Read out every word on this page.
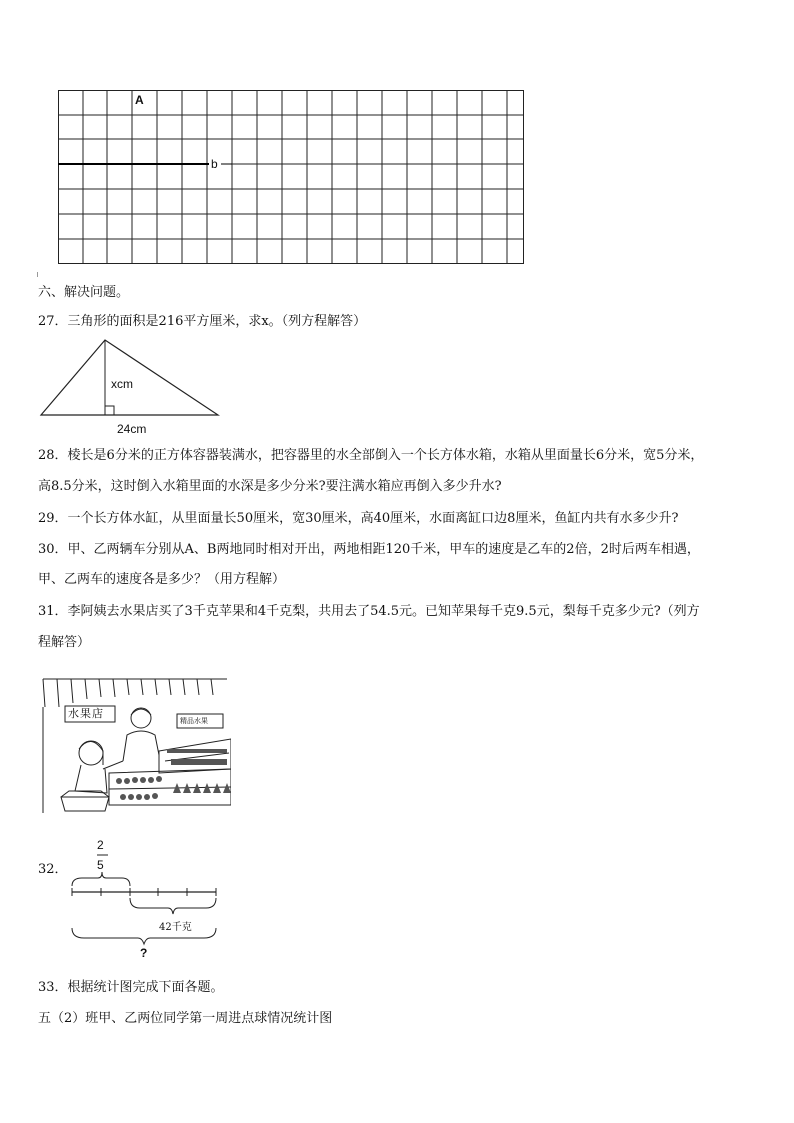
A
b
六、解决问题。
27．三角形的面积是216平方厘米，求x。（列方程解答）
xcm
24cm
28．棱长是6分米的正方体容器装满水，把容器里的水全部倒入一个长方体水箱，水箱从里面量长6分米，宽5分米，
高8.5分米，这时倒入水箱里面的水深是多少分米?要注满水箱应再倒入多少升水?
29．一个长方体水缸，从里面量长50厘米，宽30厘米，高40厘米，水面离缸口边8厘米，鱼缸内共有水多少升?
30．甲、乙两辆车分别从A、B两地同时相对开出，两地相距120千米，甲车的速度是乙车的2倍，2时后两车相遇，
甲、乙两车的速度各是多少？（用方程解）
31．李阿姨去水果店买了3千克苹果和4千克梨，共用去了54.5元。已知苹果每千克9.5元，梨每千克多少元?（列方
程解答）
水果店
精品水果
32．
2
5
42千克
?
33．根据统计图完成下面各题。
五（2）班甲、乙两位同学第一周进点球情况统计图
